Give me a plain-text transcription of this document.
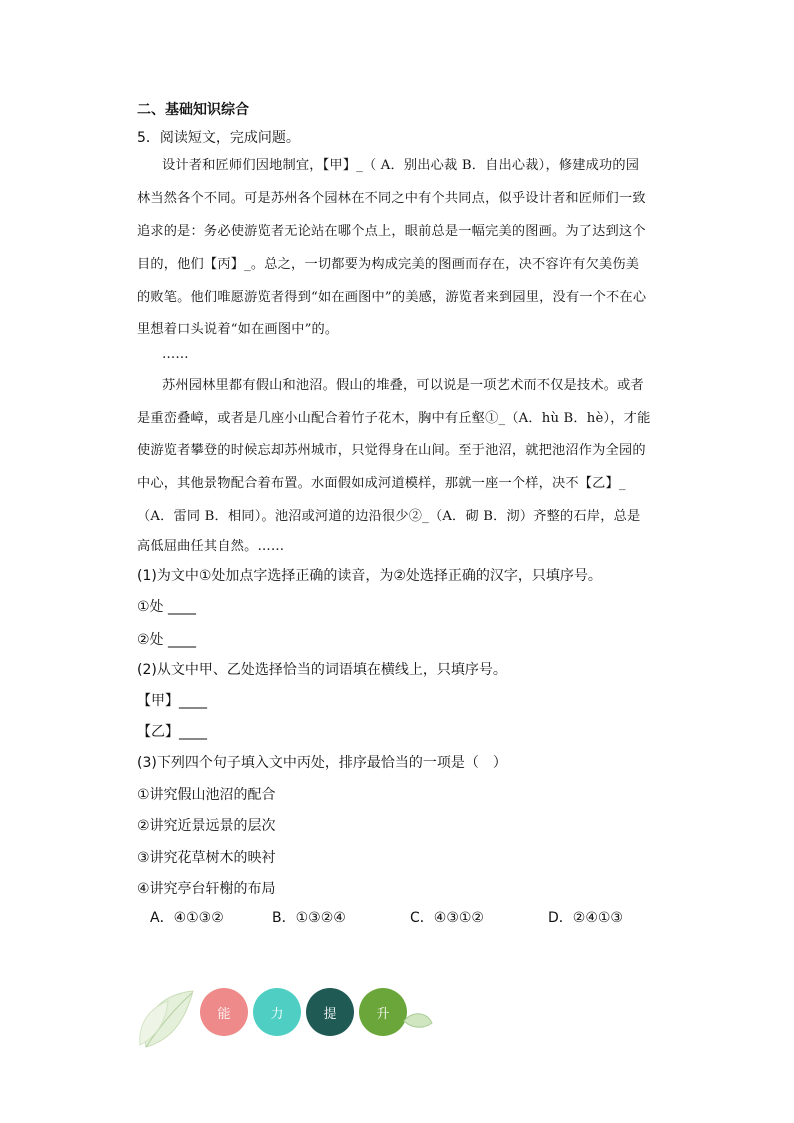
二、基础知识综合
5．阅读短文，完成问题。
设计者和匠师们因地制宜，【甲】_（ A．别出心裁 B．自出心裁），修建成功的园
林当然各个不同。可是苏州各个园林在不同之中有个共同点，似乎设计者和匠师们一致
追求的是：务必使游览者无论站在哪个点上，眼前总是一幅完美的图画。为了达到这个
目的，他们【丙】_。总之，一切都要为构成完美的图画而存在，决不容许有欠美伤美
的败笔。他们唯愿游览者得到“如在画图中”的美感，游览者来到园里，没有一个不在心
里想着口头说着“如在画图中”的。
……
苏州园林里都有假山和池沼。假山的堆叠，可以说是一项艺术而不仅是技术。或者
是重峦叠嶂，或者是几座小山配合着竹子花木，胸中有丘壑①_（A．hù B．hè），才能
使游览者攀登的时候忘却苏州城市，只觉得身在山间。至于池沼，就把池沼作为全园的
中心，其他景物配合着布置。水面假如成河道模样，那就一座一个样，决不【乙】_
（A．雷同 B．相同）。池沼或河道的边沿很少②_（A．砌 B．沏）齐整的石岸，总是
高低屈曲任其自然。……
(1)为文中①处加点字选择正确的读音，为②处选择正确的汉字，只填序号。
①处 ____
②处 ____
(2)从文中甲、乙处选择恰当的词语填在横线上，只填序号。
【甲】____
【乙】____
(3)下列四个句子填入文中丙处，排序最恰当的一项是（　）
①讲究假山池沼的配合
②讲究近景远景的层次
③讲究花草树木的映衬
④讲究亭台轩榭的布局
A．④①③②	B．①③②④	C．④③①②	D．②④①③
能	力	提	升
